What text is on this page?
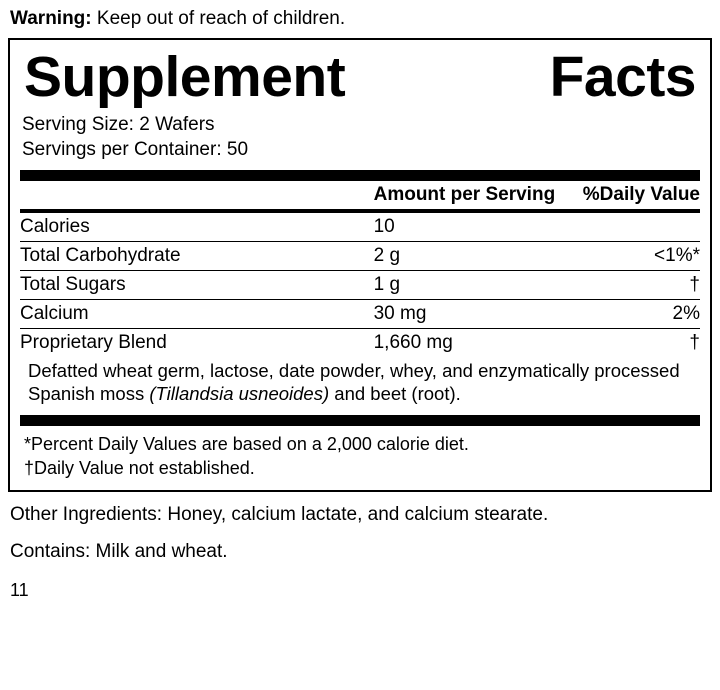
Warning: Keep out of reach of children.
Supplement	Facts
Serving Size: 2 Wafers
Servings per Container: 50
	Amount per Serving	%Daily Value
Calories	10	
Total Carbohydrate	2 g	<1%*
Total Sugars	1 g	†
Calcium	30 mg	2%
Proprietary Blend	1,660 mg	†
Defatted wheat germ, lactose, date powder, whey, and enzymatically processed Spanish moss (Tillandsia usneoides) and beet (root).
*Percent Daily Values are based on a 2,000 calorie diet.
†Daily Value not established.
Other Ingredients: Honey, calcium lactate, and calcium stearate.
Contains: Milk and wheat.
11
